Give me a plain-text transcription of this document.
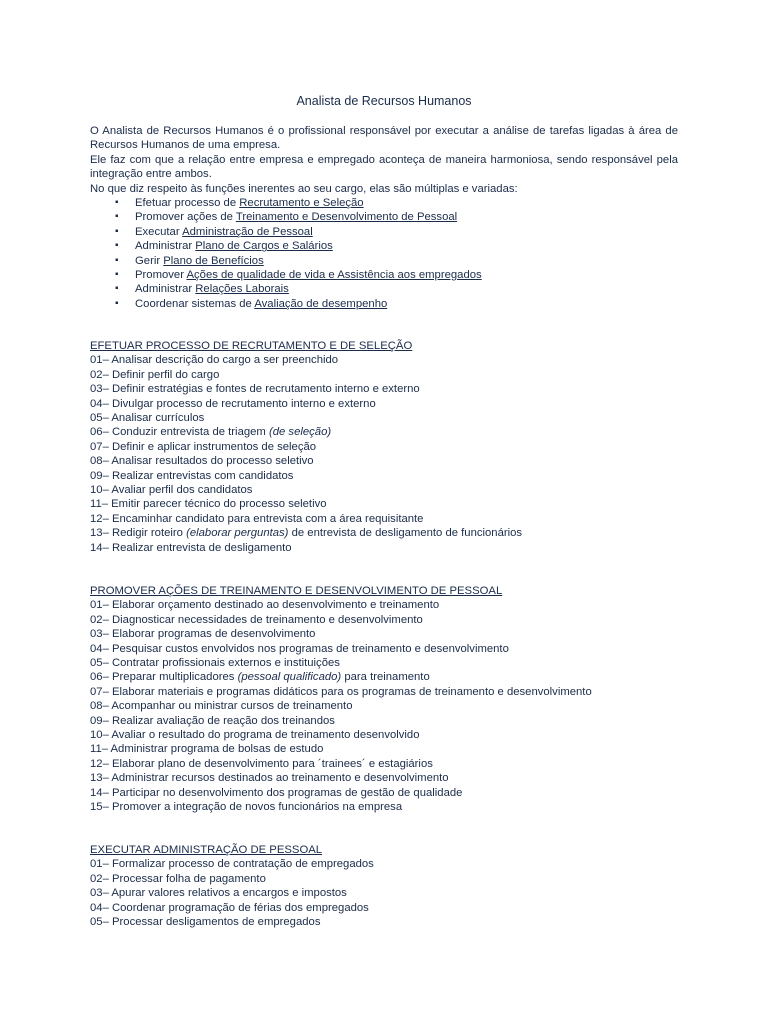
Analista de Recursos Humanos

O Analista de Recursos Humanos é o profissional responsável por executar a análise de tarefas ligadas à área de Recursos Humanos de uma empresa.

Ele faz com que a relação entre empresa e empregado aconteça de maneira harmoniosa, sendo responsável pela integração entre ambos.

No que diz respeito às funções inerentes ao seu cargo, elas são múltiplas e variadas:

▪ Efetuar processo de Recrutamento e Seleção
▪ Promover ações de Treinamento e Desenvolvimento de Pessoal
▪ Executar Administração de Pessoal
▪ Administrar Plano de Cargos e Salários
▪ Gerir Plano de Benefícios
▪ Promover Ações de qualidade de vida e Assistência aos empregados
▪ Administrar Relações Laborais
▪ Coordenar sistemas de Avaliação de desempenho
EFETUAR PROCESSO DE RECRUTAMENTO E DE SELEÇÃO
01– Analisar descrição do cargo a ser preenchido
02– Definir perfil do cargo
03– Definir estratégias e fontes de recrutamento interno e externo
04– Divulgar processo de recrutamento interno e externo
05– Analisar currículos
06– Conduzir entrevista de triagem (de seleção)
07– Definir e aplicar instrumentos de seleção
08– Analisar resultados do processo seletivo
09– Realizar entrevistas com candidatos
10– Avaliar perfil dos candidatos
11– Emitir parecer técnico do processo seletivo
12– Encaminhar candidato para entrevista com a área requisitante
13– Redigir roteiro (elaborar perguntas) de entrevista de desligamento de funcionários
14– Realizar entrevista de desligamento
PROMOVER AÇÕES DE TREINAMENTO E DESENVOLVIMENTO DE PESSOAL
01– Elaborar orçamento destinado ao desenvolvimento e treinamento
02– Diagnosticar necessidades de treinamento e desenvolvimento
03– Elaborar programas de desenvolvimento
04– Pesquisar custos envolvidos nos programas de treinamento e desenvolvimento
05– Contratar profissionais externos e instituições
06– Preparar multiplicadores (pessoal qualificado) para treinamento
07– Elaborar materiais e programas didáticos para os programas de treinamento e desenvolvimento
08– Acompanhar ou ministrar cursos de treinamento
09– Realizar avaliação de reação dos treinandos
10– Avaliar o resultado do programa de treinamento desenvolvido
11– Administrar programa de bolsas de estudo
12– Elaborar plano de desenvolvimento para ´trainees´ e estagiários
13– Administrar recursos destinados ao treinamento e desenvolvimento
14– Participar no desenvolvimento dos programas de gestão de qualidade
15– Promover a integração de novos funcionários na empresa
EXECUTAR ADMINISTRAÇÃO DE PESSOAL
01– Formalizar processo de contratação de empregados
02– Processar folha de pagamento
03– Apurar valores relativos a encargos e impostos
04– Coordenar programação de férias dos empregados
05– Processar desligamentos de empregados
